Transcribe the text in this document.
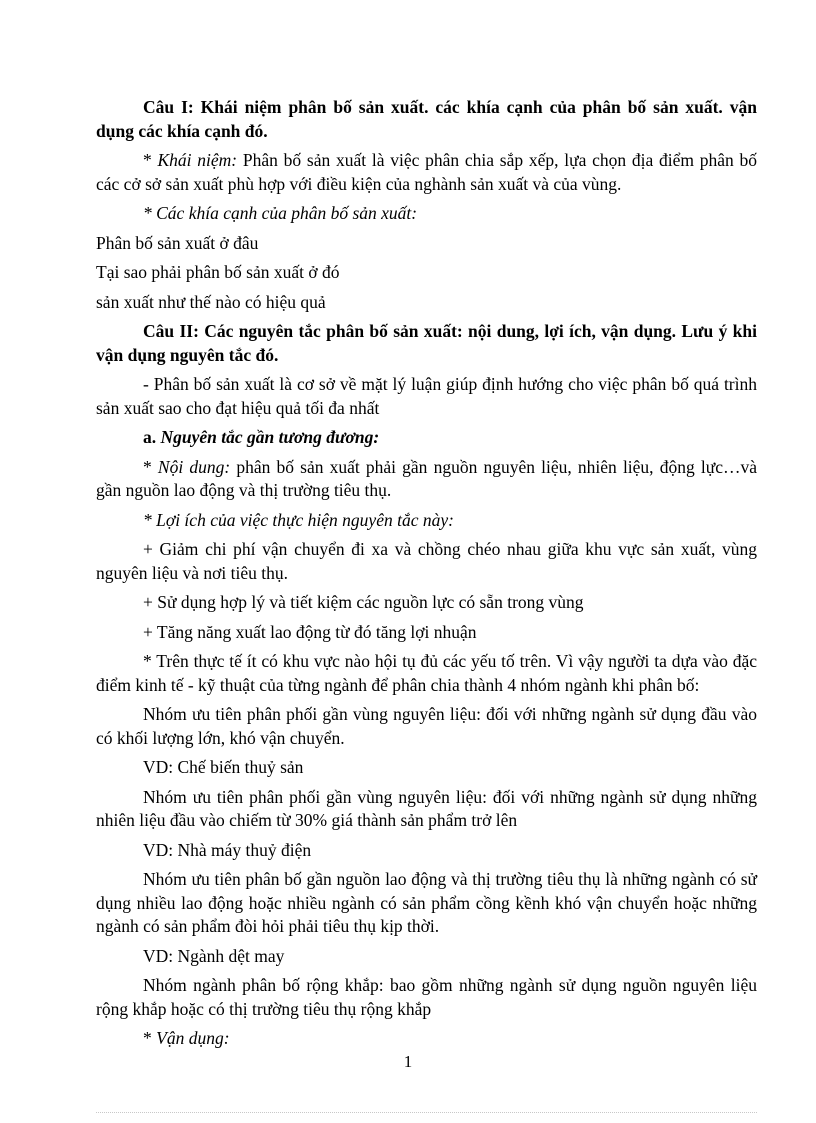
Câu I: Khái niệm phân bố sản xuất. các khía cạnh của phân bố sản xuất. vận dụng các khía cạnh đó.

* Khái niệm: Phân bố sản xuất là việc phân chia sắp xếp, lựa chọn địa điểm phân bố các cở sở sản xuất phù hợp với điều kiện của nghành sản xuất và của vùng.

* Các khía cạnh của phân bố sản xuất:

Phân bố sản xuất ở đâu

Tại sao phải phân bố sản xuất ở đó

sản xuất như thế nào có hiệu quả

Câu II: Các nguyên tắc phân bố sản xuất: nội dung, lợi ích, vận dụng. Lưu ý khi vận dụng nguyên tắc đó.

- Phân bố sản xuất là cơ sở về mặt lý luận giúp định hướng cho việc phân bố quá trình sản xuất sao cho đạt hiệu quả tối đa nhất

a. Nguyên tắc gần tương đương:

* Nội dung: phân bố sản xuất phải gần nguồn nguyên liệu, nhiên liệu, động lực…và gần nguồn lao động và thị trường tiêu thụ.

* Lợi ích của việc thực hiện nguyên tắc này:

+ Giảm chi phí vận chuyển đi xa và chồng chéo nhau giữa khu vực sản xuất, vùng nguyên liệu và nơi tiêu thụ.

+ Sử dụng hợp lý và tiết kiệm các nguồn lực có sẵn trong vùng

+ Tăng năng xuất lao động từ đó tăng lợi nhuận

* Trên thực tế ít có khu vực nào hội tụ đủ các yếu tố trên. Vì vậy người ta dựa vào đặc điểm kinh tế - kỹ thuật của từng ngành để phân chia thành 4 nhóm ngành khi phân bố:

Nhóm ưu tiên phân phối gần vùng nguyên liệu: đối với những ngành sử dụng đầu vào có khối lượng lớn, khó vận chuyển.

VD: Chế biến thuỷ sản

Nhóm ưu tiên phân phối gần vùng nguyên liệu: đối với những ngành sử dụng những nhiên liệu đầu vào chiếm từ 30% giá thành sản phẩm trở lên

VD: Nhà máy thuỷ điện

Nhóm ưu tiên phân bố gần nguồn lao động và thị trường tiêu thụ là những ngành có sử dụng nhiều lao động hoặc nhiều ngành có sản phẩm cồng kềnh khó vận chuyển hoặc những ngành có sản phẩm đòi hỏi phải tiêu thụ kịp thời.

VD: Ngành dệt may

Nhóm ngành phân bố rộng khắp: bao gồm những ngành sử dụng nguồn nguyên liệu rộng khắp hoặc có thị trường tiêu thụ rộng khắp

* Vận dụng:

1
